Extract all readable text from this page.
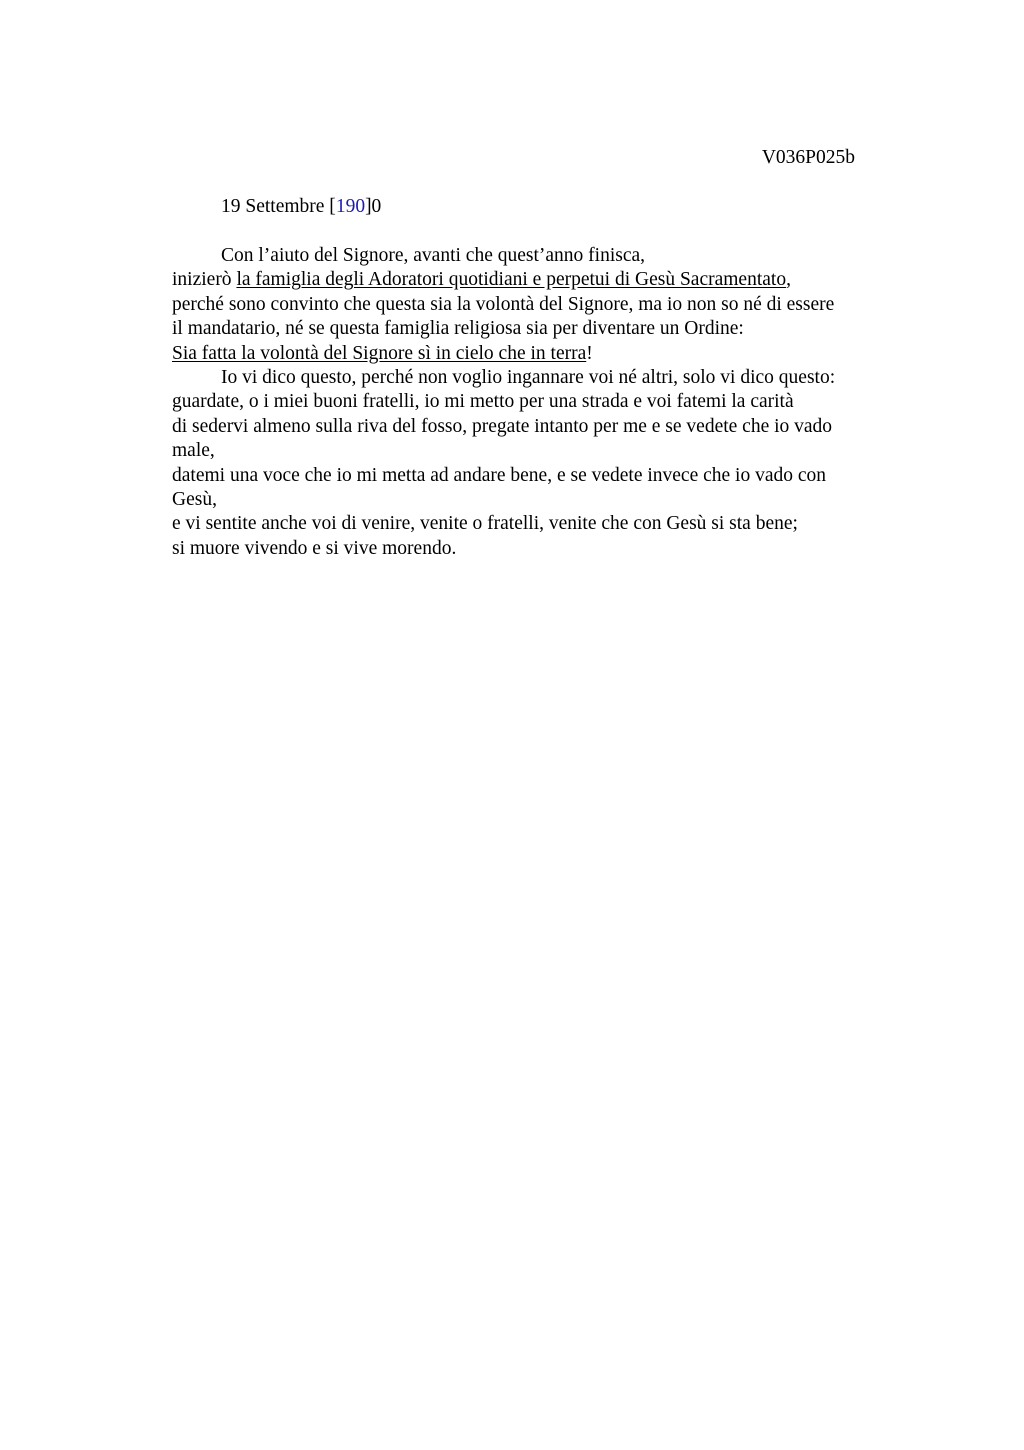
V036P025b
19 Settembre [190]0
Con l’aiuto del Signore, avanti che quest’anno finisca,
inizierò la famiglia degli Adoratori quotidiani e perpetui di Gesù Sacramentato,
perché sono convinto che questa sia la volontà del Signore, ma io non so né di essere
il mandatario, né se questa famiglia religiosa sia per diventare un Ordine:
Sia fatta la volontà del Signore sì in cielo che in terra!
Io vi dico questo, perché non voglio ingannare voi né altri, solo vi dico questo:
guardate, o i miei buoni fratelli, io mi metto per una strada e voi fatemi la carità
di sedervi almeno sulla riva del fosso, pregate intanto per me e se vedete che io vado
male,
datemi una voce che io mi metta ad andare bene, e se vedete invece che io vado con
Gesù,
e vi sentite anche voi di venire, venite o fratelli, venite che con Gesù si sta bene;
si muore vivendo e si vive morendo.
